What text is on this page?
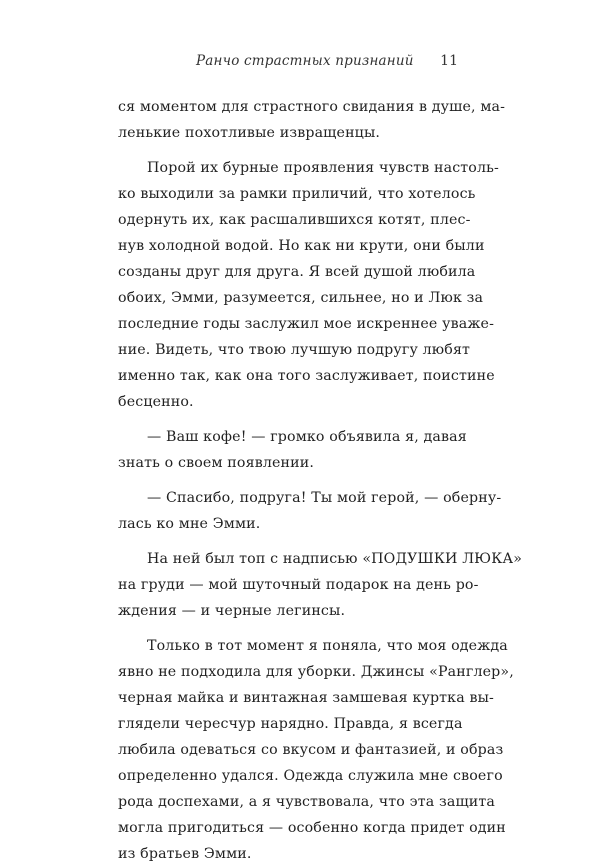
Ранчо страстных признаний 11
ся моментом для страстного свидания в душе, ма-
ленькие похотливые извращенцы.
Порой их бурные проявления чувств настоль-
ко выходили за рамки приличий, что хотелось
одернуть их, как расшалившихся котят, плес-
нув холодной водой. Но как ни крути, они были
созданы друг для друга. Я всей душой любила
обоих, Эмми, разумеется, сильнее, но и Люк за
последние годы заслужил мое искреннее уваже-
ние. Видеть, что твою лучшую подругу любят
именно так, как она того заслуживает, поистине
бесценно.
— Ваш кофе! — громко объявила я, давая
знать о своем появлении.
— Спасибо, подруга! Ты мой герой, — оберну-
лась ко мне Эмми.
На ней был топ с надписью «ПОДУШКИ ЛЮКА»
на груди — мой шуточный подарок на день ро-
ждения — и черные легинсы.
Только в тот момент я поняла, что моя одежда
явно не подходила для уборки. Джинсы «Ранглер»,
черная майка и винтажная замшевая куртка вы-
глядели чересчур нарядно. Правда, я всегда
любила одеваться со вкусом и фантазией, и образ
определенно удался. Одежда служила мне своего
рода доспехами, а я чувствовала, что эта защита
могла пригодиться — особенно когда придет один
из братьев Эмми.
